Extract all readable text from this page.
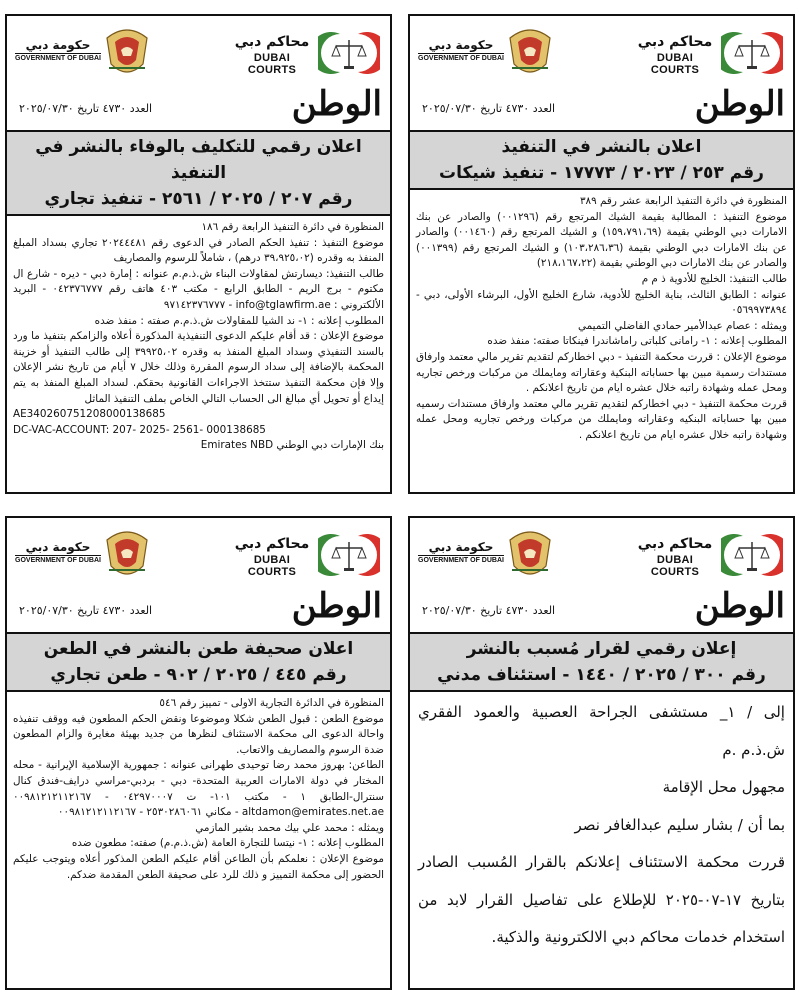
محاكم دبي
DUBAI COURTS
حكومة دبي
GOVERNMENT OF DUBAI
الوطن
العدد ٤٧٣٠ تاريخ ٢٠٢٥/٠٧/٣٠
اعلان رقمي للتكليف بالوفاء بالنشر في التنفيذ
رقم ٢٠٧ / ٢٠٢٥ / ٢٥٦١ - تنفيذ تجاري
المنظورة في دائرة التنفيذ الرابعة رقم ١٨٦
موضوع التنفيذ : تنفيذ الحكم الصادر في الدعوى رقم ٢٠٢٤٤٤٨١ تجاري بسداد المبلغ المنفذ به وقدره (٣٩،٩٢٥،٠٢ درهم) ، شاملاً للرسوم والمصاريف
طالب التنفيذ: ديسارتش لمقاولات البناء ش.ذ.م.م عنوانه : إمارة دبي - ديره - شارع ال مكتوم - برج الريم - الطابق الرابع - مكتب ٤٠٣ هاتف رقم ٠٤٢٣٧٦٧٧٧ - البريد الألكتروني : info@tglawfirm.ae - ٩٧١٤٢٣٧٦٧٧٧
المطلوب إعلانه : ١- ند الشيا للمقاولات ش.ذ.م.م صفته : منفذ ضده
موضوع الإعلان : قد أقام عليكم الدعوى التنفيذية المذكورة أعلاه والزامكم بتنفيذ ما ورد بالسند التنفيذي وسداد المبلغ المنفذ به وقدره ٣٩٩٢٥،٠٢ إلى طالب التنفيذ أو خزينة المحكمة بالإضافة إلى سداد الرسوم المقررة وذلك خلال ٧ أيام من تاريخ نشر الإعلان وإلا فإن محكمة التنفيذ ستتخذ الاجراءات القانونية بحقكم. لسداد المبلغ المنفذ به يتم إيداع أو تحويل أي مبالغ الى الحساب التالي الخاص بملف التنفيذ الماثل

AE340260751208000138685
DC-VAC-ACCOUNT: 207- 2025- 2561- 000138685
بنك الإمارات دبي الوطني Emirates NBD
محاكم دبي
DUBAI COURTS
حكومة دبي
GOVERNMENT OF DUBAI
الوطن
العدد ٤٧٣٠ تاريخ ٢٠٢٥/٠٧/٣٠
اعلان بالنشر في التنفيذ
رقم ٢٥٣ / ٢٠٢٣ / ١٧٧٧٣ - تنفيذ شيكات
المنظورة في دائرة التنفيذ الرابعة عشر رقم ٣٨٩
موضوع التنفيذ : المطالبة بقيمة الشيك المرتجع رقم (٠٠١٢٩٦) والصادر عن بنك الامارات دبي الوطني بقيمة (١٥٩،٧٩١،٦٩) و الشيك المرتجع رقم (٠٠١٤٦٠) والصادر عن بنك الامارات دبي الوطني بقيمة (١٠٣،٢٨٦،٣٦) و الشيك المرتجع رقم (٠٠١٣٩٩) والصادر عن بنك الامارات دبي الوطني بقيمة (٢١٨،١٦٧،٢٢)
طالب التنفيذ: الخليج للأدوية ذ م م
عنوانه : الطابق الثالث، بناية الخليج للأدوية، شارع الخليج الأول، البرشاء الأولى، دبي - ٠٥٦٩٩٧٣٨٩٤
ويمثله : عصام عبدالأمير حمادي الفاضلي التميمي
المطلوب إعلانه : ١- رامانى كلباتى راماشاندرا فينكاتا صفته: منفذ ضده
موضوع الإعلان : قررت محكمة التنفيذ - دبي اخطاركم لتقديم تقرير مالي معتمد وارفاق مستندات رسمية مبين بها حساباته البنكية وعقاراته ومايملك من مركبات ورخص تجاريه ومحل عمله وشهادة راتبه خلال عشره ايام من تاريخ اعلانكم .
قررت محكمة التنفيذ - دبي اخطاركم لتقديم تقرير مالي معتمد وارفاق مستندات رسميه مبين بها حساباته البنكيه وعقاراته ومايملك من مركبات ورخص تجاريه ومحل عمله وشهادة راتبه خلال عشره ايام من تاريخ اعلانكم .
محاكم دبي
DUBAI COURTS
حكومة دبي
GOVERNMENT OF DUBAI
الوطن
العدد ٤٧٣٠ تاريخ ٢٠٢٥/٠٧/٣٠
اعلان صحيفة طعن بالنشر في الطعن
رقم ٤٤٥ / ٢٠٢٥ / ٩٠٢ - طعن تجاري
المنظورة في الدائرة التجارية الاولى - تمييز رقم ٥٤٦
موضوع الطعن : قبول الطعن شكلا وموضوعا ونقض الحكم المطعون فيه ووقف تنفيذه واحالة الدعوى الى محكمة الاستئناف لنظرها من جديد بهيئة مغايرة والزام المطعون ضدة الرسوم والمصاريف والاتعاب.
الطاعن: بهروز محمد رضا توحيدى طهرانى عنوانه : جمهورية الإسلامية الإيرانية - محله المختار في دولة الامارات العربية المتحدة- دبي - بردبي-مراسي درايف-فندق كنال سنترال-الطابق ١ - مكتب ١٠١- ت ٠٤٢٩٧٠٠٠٧ - ٠٠٩٨١٢١٢١١٢١٦٧ altdamon@emirates.net.ae - مكاني ٢٥٣٠٢٨٦٠٦١ - ٠٠٩٨١٢١٢١١٢١٦٧
ويمثله : محمد علي بيك محمد بشير المازمي
المطلوب إعلانه : ١- نيتسا للتجارة العامة (ش.ذ.م.م) صفته: مطعون ضده
موضوع الإعلان : نعلمكم بأن الطاعن أقام عليكم الطعن المذكور أعلاه ويتوجب عليكم الحضور إلى محكمة التمييز و ذلك للرد على صحيفة الطعن المقدمة ضدكم.
محاكم دبي
DUBAI COURTS
حكومة دبي
GOVERNMENT OF DUBAI
الوطن
العدد ٤٧٣٠ تاريخ ٢٠٢٥/٠٧/٣٠
إعلان رقمي لقرار مُسبب بالنشر
رقم ٣٠٠ / ٢٠٢٥ / ١٤٤٠ - استئناف مدني
إلى / ١_ مستشفى الجراحة العصبية والعمود الفقري ش.ذ.م .م
مجهول محل الإقامة
بما أن / بشار سليم عبدالغافر نصر
قررت محكمة الاستئناف إعلانكم بالقرار المُسبب الصادر بتاريخ ١٧-٠٧-٢٠٢٥ للإطلاع على تفاصيل القرار لابد من استخدام خدمات محاكم دبي الالكترونية والذكية.
